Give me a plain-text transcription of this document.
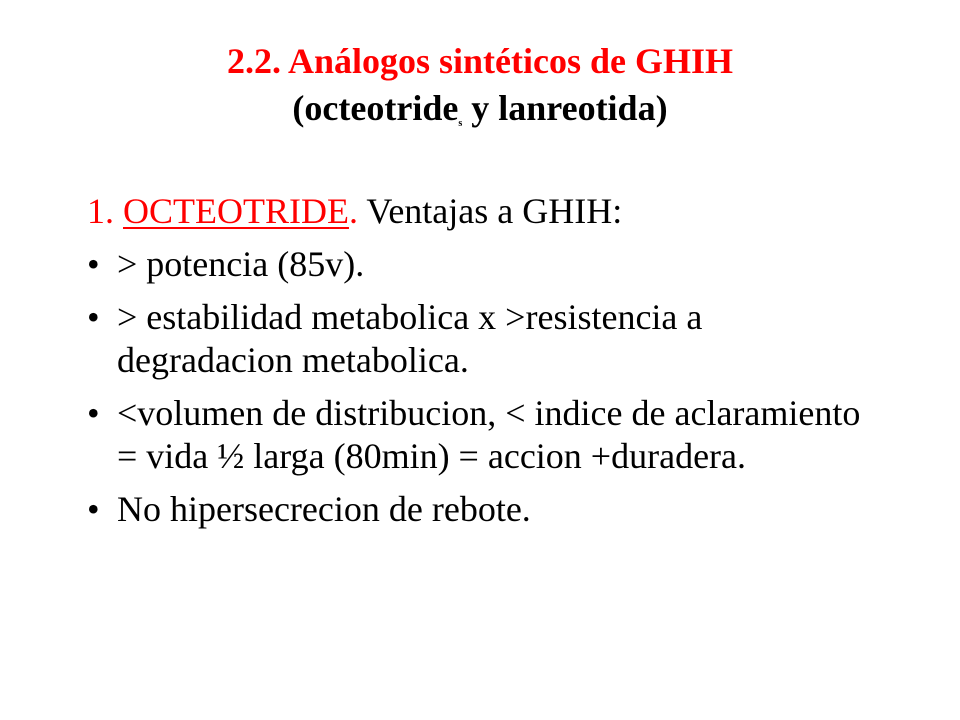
2.2. Análogos sintéticos de GHIH
(octeotrides y lanreotida)
1. OCTEOTRIDE. Ventajas a GHIH:
• > potencia (85v).
• > estabilidad metabolica x >resistencia a degradacion metabolica.
• <volumen de distribucion, < indice de aclaramiento = vida ½ larga (80min) = accion +duradera.
• No hipersecrecion de rebote.
